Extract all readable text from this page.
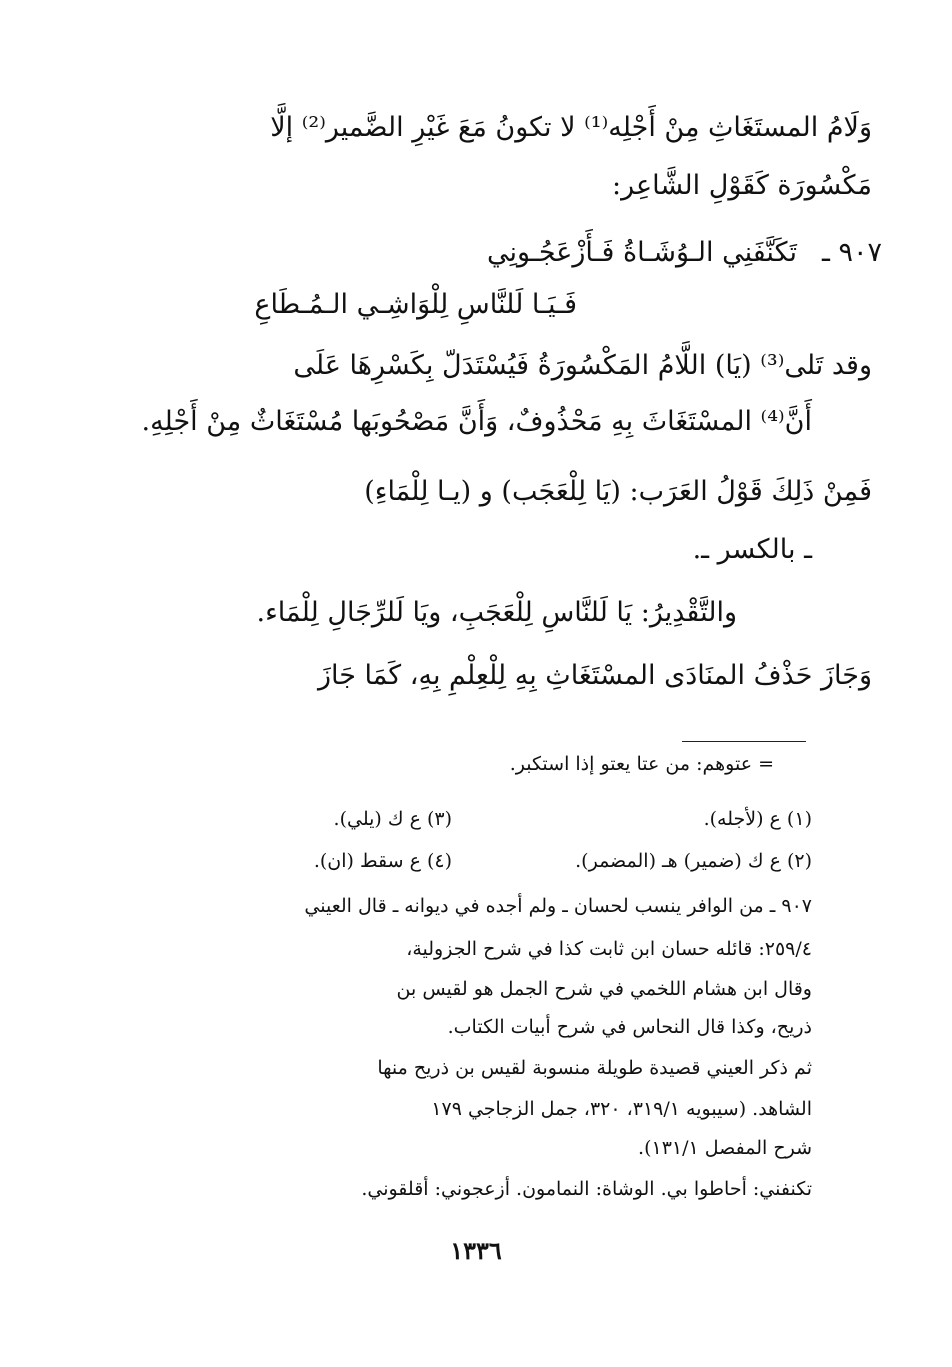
وَلَامُ المستَغَاثِ مِنْ أَجْلِه⁽¹⁾ لا تكونُ مَعَ غَيْرِ الضَّمير⁽²⁾ إلَّا
مَكْسُورَة كَقَوْلِ الشَّاعِر:
٩٠٧ ـ
تَكَنَّفَنِي الـوُشَـاةُ فَـأَزْعَجُـونِي
فَـيَـا لَلنَّاسِ لِلْوَاشِـي الـمُـطَاعِ
وقد تَلى⁽³⁾ (يَا) اللَّامُ المَكْسُورَةُ فَيُسْتَدَلّ بِكَسْرِهَا عَلَى
أَنَّ⁽⁴⁾ المسْتَغَاثَ بِهِ مَحْذُوفٌ، وَأَنَّ مَصْحُوبَها مُسْتَغَاثٌ مِنْ أَجْلِهِ.
فَمِنْ ذَلِكَ قَوْلُ العَرَب: (يَا لِلْعَجَب) و (يـا لِلْمَاءِ)
ـ بالكسر ـ.
والتَّقْدِيرُ: يَا لَلنَّاسِ لِلْعَجَبِ، ويَا لَلرِّجَالِ لِلْمَاء.
وَجَازَ حَذْفُ المنَادَى المسْتَغَاثِ بِهِ لِلْعِلْمِ بِهِ، كَمَا جَازَ
= عتوهم: من عتا يعتو إذا استكبر.
(١) ع (لأجله).
(٣) ع ك (يلي).
(٢) ع ك (ضمير) هـ (المضمر).
(٤) ع سقط (ان).
٩٠٧ ـ من الوافر ينسب لحسان ـ ولم أجده في ديوانه ـ قال العيني
٢٥٩/٤: قائله حسان ابن ثابت كذا في شرح الجزولية،
وقال ابن هشام اللخمي في شرح الجمل هو لقيس بن
ذريح، وكذا قال النحاس في شرح أبيات الكتاب.
ثم ذكر العيني قصيدة طويلة منسوبة لقيس بن ذريح منها
الشاهد. (سيبويه ٣١٩/١، ٣٢٠، جمل الزجاجي ١٧٩
شرح المفصل ١٣١/١).
تكنفني: أحاطوا بي. الوشاة: النمامون. أزعجوني: أقلقوني.
١٣٣٦
